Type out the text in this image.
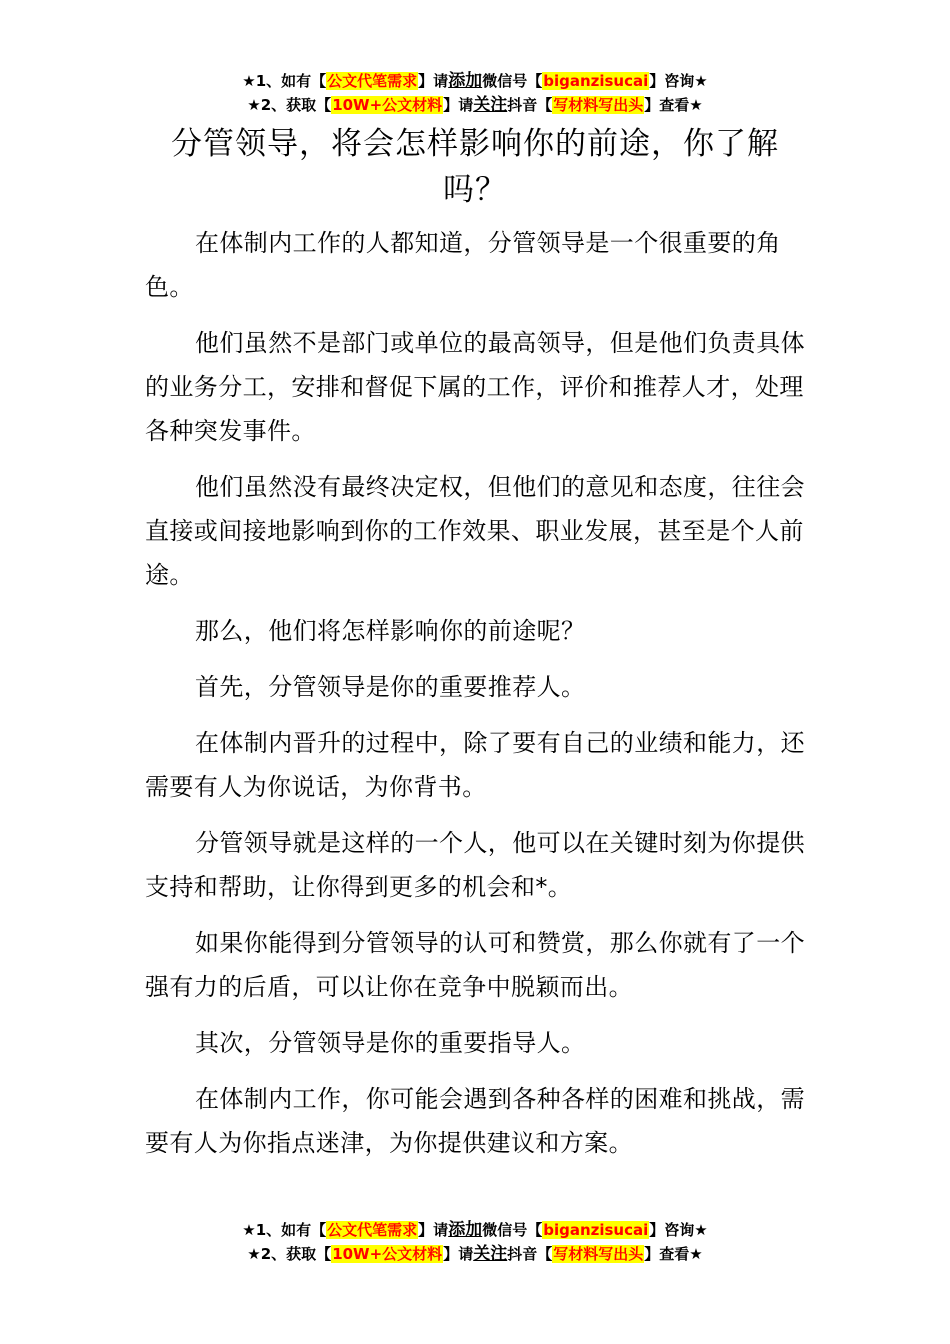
★1、如有【公文代笔需求】请添加微信号【biganzisucai】咨询★
★2、获取【10W+公文材料】请关注抖音【写材料写出头】查看★
分管领导，将会怎样影响你的前途，你了解吗？

在体制内工作的人都知道，分管领导是一个很重要的角色。

他们虽然不是部门或单位的最高领导，但是他们负责具体的业务分工，安排和督促下属的工作，评价和推荐人才，处理各种突发事件。

他们虽然没有最终决定权，但他们的意见和态度，往往会直接或间接地影响到你的工作效果、职业发展，甚至是个人前途。

那么，他们将怎样影响你的前途呢？

首先，分管领导是你的重要推荐人。

在体制内晋升的过程中，除了要有自己的业绩和能力，还需要有人为你说话，为你背书。

分管领导就是这样的一个人，他可以在关键时刻为你提供支持和帮助，让你得到更多的机会和*。

如果你能得到分管领导的认可和赞赏，那么你就有了一个强有力的后盾，可以让你在竞争中脱颖而出。

其次，分管领导是你的重要指导人。

在体制内工作，你可能会遇到各种各样的困难和挑战，需要有人为你指点迷津，为你提供建议和方案。

★1、如有【公文代笔需求】请添加微信号【biganzisucai】咨询★
★2、获取【10W+公文材料】请关注抖音【写材料写出头】查看★
